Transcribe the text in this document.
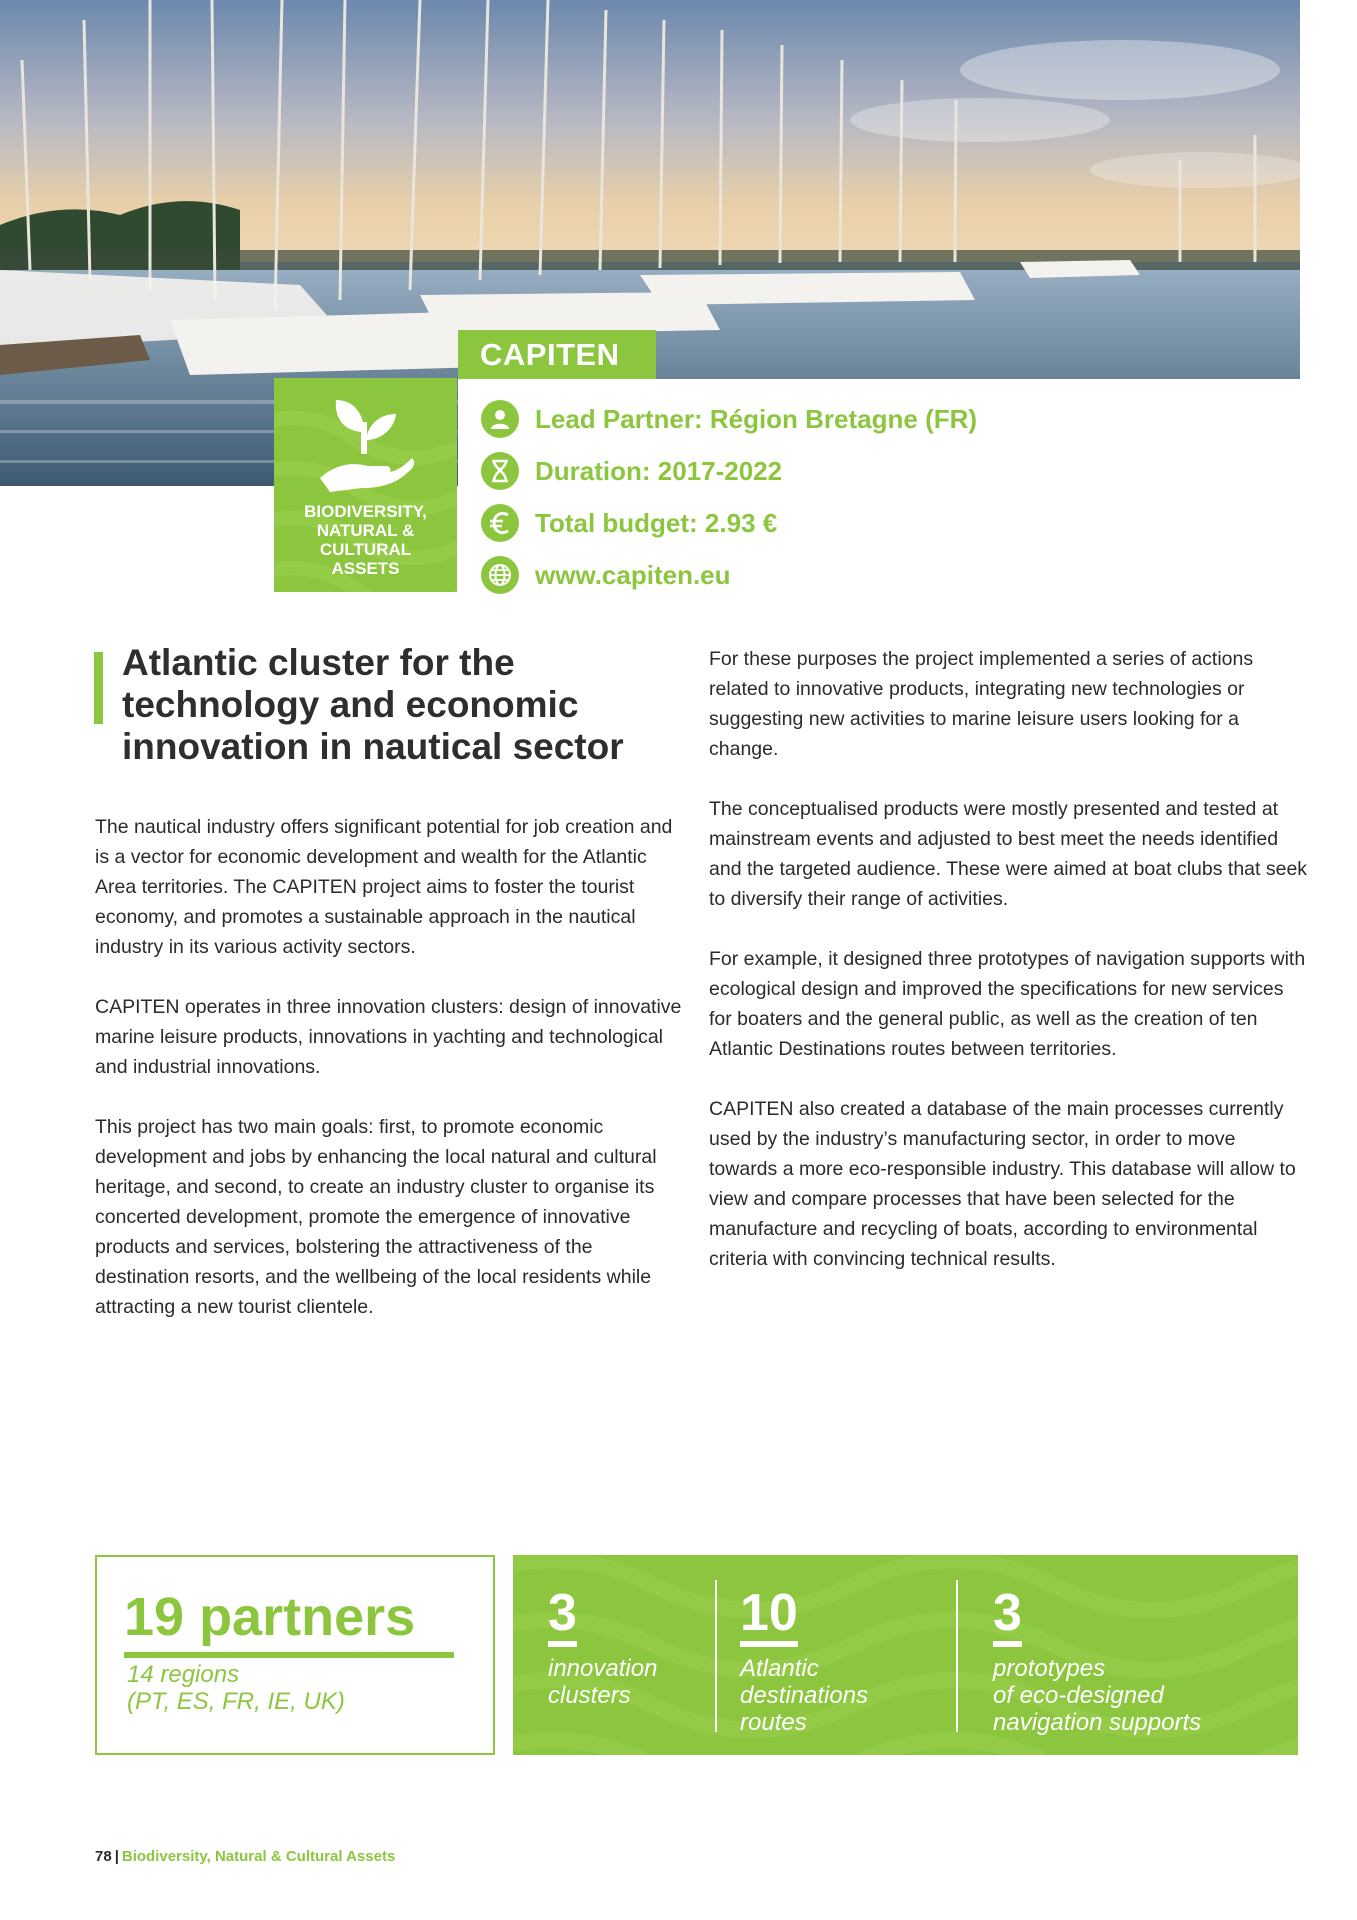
CAPITEN
BIODIVERSITY,
NATURAL &
CULTURAL
ASSETS
Lead Partner: Région Bretagne (FR)
Duration: 2017-2022
Total budget: 2.93 €
www.capiten.eu
Atlantic cluster for the technology and economic innovation in nautical sector

The nautical industry offers significant potential for job creation and is a vector for economic development and wealth for the Atlantic Area territories. The CAPITEN project aims to foster the tourist economy, and promotes a sustainable approach in the nautical industry in its various activity sectors.

CAPITEN operates in three innovation clusters: design of innovative marine leisure products, innovations in yachting and technological and industrial innovations.

This project has two main goals: first, to promote economic development and jobs by enhancing the local natural and cultural heritage, and second, to create an industry cluster to organise its concerted development, promote the emergence of innovative products and services, bolstering the attractiveness of the destination resorts, and the wellbeing of the local residents while attracting a new tourist clientele.

For these purposes the project implemented a series of actions related to innovative products, integrating new technologies or suggesting new activities to marine leisure users looking for a change.

The conceptualised products were mostly presented and tested at mainstream events and adjusted to best meet the needs identified and the targeted audience. These were aimed at boat clubs that seek to diversify their range of activities.

For example, it designed three prototypes of navigation supports with ecological design and improved the specifications for new services for boaters and the general public, as well as the creation of ten Atlantic Destinations routes between territories.

CAPITEN also created a database of the main processes currently used by the industry’s manufacturing sector, in order to move towards a more eco-responsible industry. This database will allow to view and compare processes that have been selected for the manufacture and recycling of boats, according to environmental criteria with convincing technical results.

19 partners
14 regions
(PT, ES, FR, IE, UK)
3
innovation
clusters
10
Atlantic
destinations
routes
3
prototypes
of eco-designed
navigation supports
78 | Biodiversity, Natural & Cultural Assets
